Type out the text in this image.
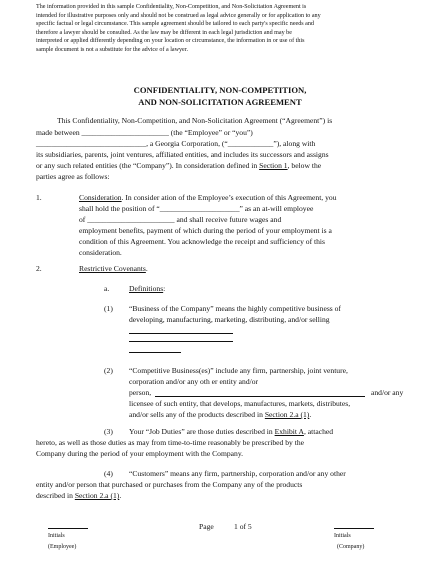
The information provided in this sample Confidentiality, Non-Competition, and Non-Solicitation Agreement is
intended for illustrative purposes only and should not be construed as legal advice generally or for application to any
specific factual or legal circumstance. This sample agreement should be tailored to each party's specific needs and
therefore a lawyer should be consulted. As the law may be different in each legal jurisdiction and may be
interpreted or applied differently depending on your location or circumstance, the information in or use of this
sample document is not a substitute for the advice of a lawyer.
CONFIDENTIALITY, NON-COMPETITION,
AND NON-SOLICITATION AGREEMENT
This Confidentiality, Non-Competition, and Non-Solicitation Agreement (“Agreement”) is
made between _______________________ (the “Employee” or “you”)
_____________________________, a Georgia Corporation, (“____________”), along with
its subsidiaries, parents, joint ventures, affiliated entities, and includes its successors and assigns
or any such related entities (the “Company”). In consideration defined in Section 1, below the
parties agree as follows:
1.	Consideration. In consider ation of the Employee’s execution of this Agreement, you
shall hold the position of “_____________________” as an at-will employee
of _______________________ and shall receive future wages and
employment benefits, payment of which during the period of your employment is a
condition of this Agreement. You acknowledge the receipt and sufficiency of this
consideration.
2.	Restrictive Covenants.
a.	Definitions:
(1) “Business of the Company” means the highly competitive business of
developing, manufacturing, marketing, distributing, and/or selling
(2) “Competitive Business(es)” include any firm, partnership, joint venture,
corporation and/or any oth er entity and/or
person,	and/or any
licensee of such entity, that develops, manufactures, markets, distributes,
and/or sells any of the products described in Section 2.a (1).
(3) Your “Job Duties” are those duties described in Exhibit A, attached
hereto, as well as those duties as may from time-to-time reasonably be prescribed by the
Company during the period of your employment with the Company.
(4) “Customers” means any firm, partnership, corporation and/or any other
entity and/or person that purchased or purchases from the Company any of the products
described in Section 2.a (1).
Initials
(Employee)
Page	1 of 5
Initials
(Company)
